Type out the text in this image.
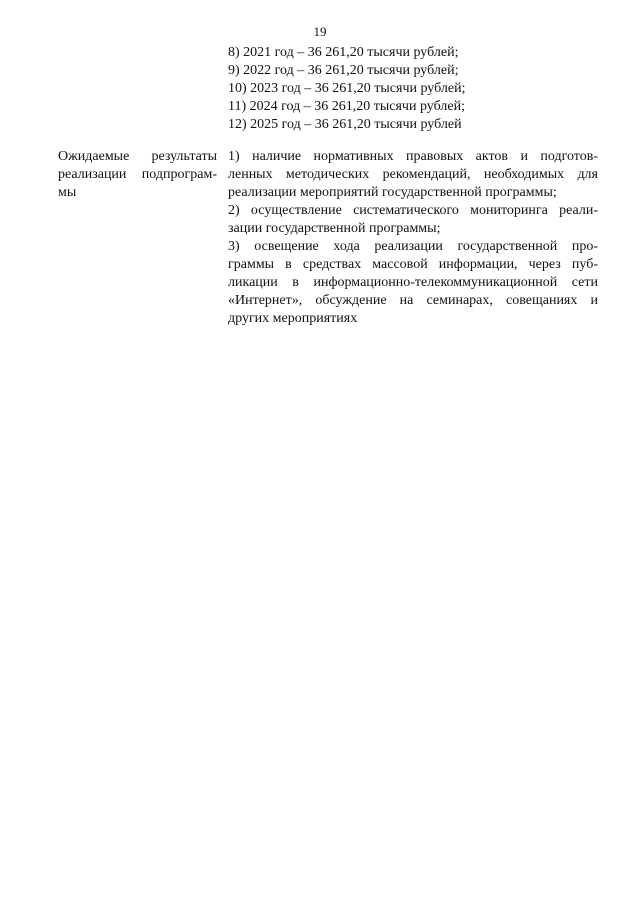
19
8) 2021 год – 36 261,20 тысячи рублей;
9) 2022 год – 36 261,20 тысячи рублей;
10) 2023 год – 36 261,20 тысячи рублей;
11) 2024 год – 36 261,20 тысячи рублей;
12) 2025 год – 36 261,20 тысячи рублей
Ожидаемые результаты
реализации подпрограм-
мы
1) наличие нормативных правовых актов и подготов-
ленных методических рекомендаций, необходимых для
реализации мероприятий государственной программы;
2) осуществление систематического мониторинга реали-
зации государственной программы;
3) освещение хода реализации государственной про-
граммы в средствах массовой информации, через пуб-
ликации в информационно-телекоммуникационной сети
«Интернет», обсуждение на семинарах, совещаниях и
других мероприятиях
